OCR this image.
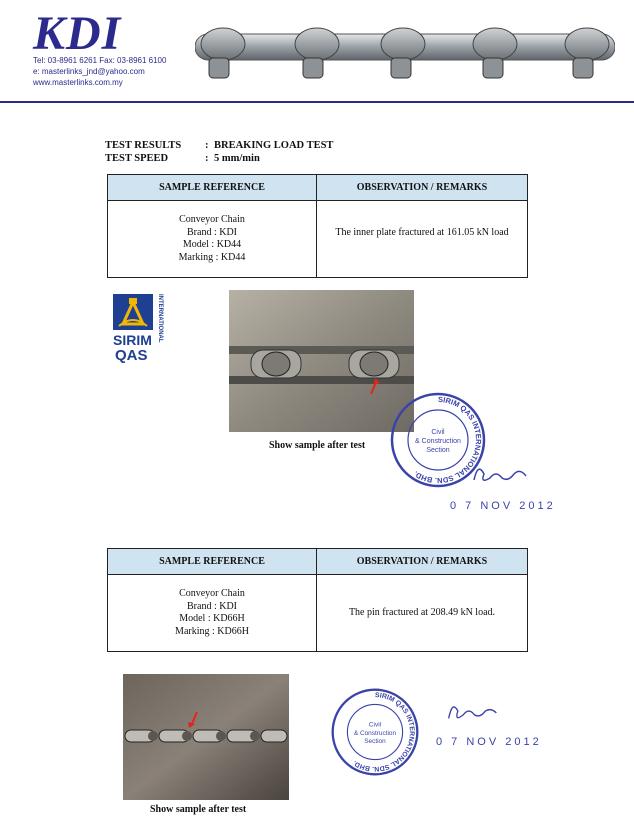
KDI
Tel: 03-8961 6261 Fax: 03-8961 6100
e: masterlinks_jnd@yahoo.com
www.masterlinks.com.my
TEST RESULTS : BREAKING LOAD TEST
TEST SPEED	: 5 mm/min
SAMPLE REFERENCE	OBSERVATION / REMARKS

Conveyor Chain
Brand : KDI
Model : KD44
Marking : KD44	The inner plate fractured at 161.05 kN load
SIRIM
QAS
INTERNATIONAL
Show sample after test
SIRIM QAS INTERNATIONAL SDN. BHD.
Civil
& Construction
Section
0 7 NOV 2012
SAMPLE REFERENCE	OBSERVATION / REMARKS

Conveyor Chain
Brand : KDI
Model : KD66H
Marking : KD66H	The pin fractured at 208.49 kN load.
Show sample after test
SIRIM QAS INTERNATIONAL SDN. BHD.
Civil
& Construction
Section	0 7 NOV 2012
